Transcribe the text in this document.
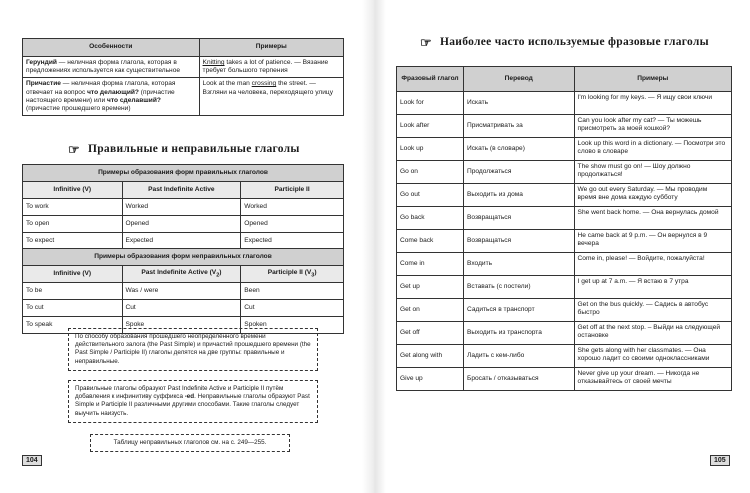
Особенности	Примеры
Герундий — неличная форма глагола, которая в предложениях используется как существительное	Knitting takes a lot of patience. — Вязание требует большого терпения
Причастие — неличная форма глагола, которая отвечает на вопрос что делающий? (причастие настоящего времени) или что сделавший? (причастие прошедшего времени)	Look at the man crossing the street. — Взгляни на человека, переходящего улицу
☞ Правильные и неправильные глаголы
Примеры образования форм правильных глаголов		
Infinitive (V)	Past Indefinite Active	Participle II
To work	Worked	Worked
To open	Opened	Opened
To expect	Expected	Expected
Примеры образования форм неправильных глаголов		
Infinitive (V)	Past Indefinite Active $(V_2)$	Participle II $(V_3)$
To be	Was / were	Been
To cut	Cut	Cut
To speak	Spoke	Spoken
По способу образования прошедшего неопределённого времени действительного залога (the Past Simple) и причастий прошедшего времени (the Past Simple / Participle II) глаголы делятся на две группы: правильные и неправильные.
Правильные глаголы образуют Past Indefinite Active и Participle II путём добавления к инфинитиву суффикса -ed. Неправильные глаголы образуют Past Simple и Participle II различными другими способами. Такие глаголы следует выучить наизусть.
Таблицу неправильных глаголов см. на с. 249—255.
104
☞ Наиболее часто используемые фразовые глаголы
Фразовый глагол	Перевод	Примеры
Look for	Искать	I'm looking for my keys. — Я ищу свои ключи
Look after	Присматривать за	Can you look after my cat? — Ты можешь присмотреть за моей кошкой?
Look up	Искать (в словаре)	Look up this word in a dictionary. — Посмотри это слово в словаре
Go on	Продолжаться	The show must go on! — Шоу должно продолжаться!
Go out	Выходить из дома	We go out every Saturday. — Мы проводим время вне дома каждую субботу
Go back	Возвращаться	She went back home. — Она вернулась домой
Come back	Возвращаться	He came back at 9 p.m. — Он вернулся в 9 вечера
Come in	Входить	Come in, please! — Войдите, пожалуйста!
Get up	Вставать (с постели)	I get up at 7 a.m. — Я встаю в 7 утра
Get on	Садиться в транспорт	Get on the bus quickly. — Садись в автобус быстро
Get off	Выходить из транспорта	Get off at the next stop. – Выйди на следующей остановке
Get along with	Ладить с кем-либо	She gets along with her classmates. — Она хорошо ладит со своими одноклассниками
Give up	Бросать / отказываться	Never give up your dream. — Никогда не отказывайтесь от своей мечты
105
